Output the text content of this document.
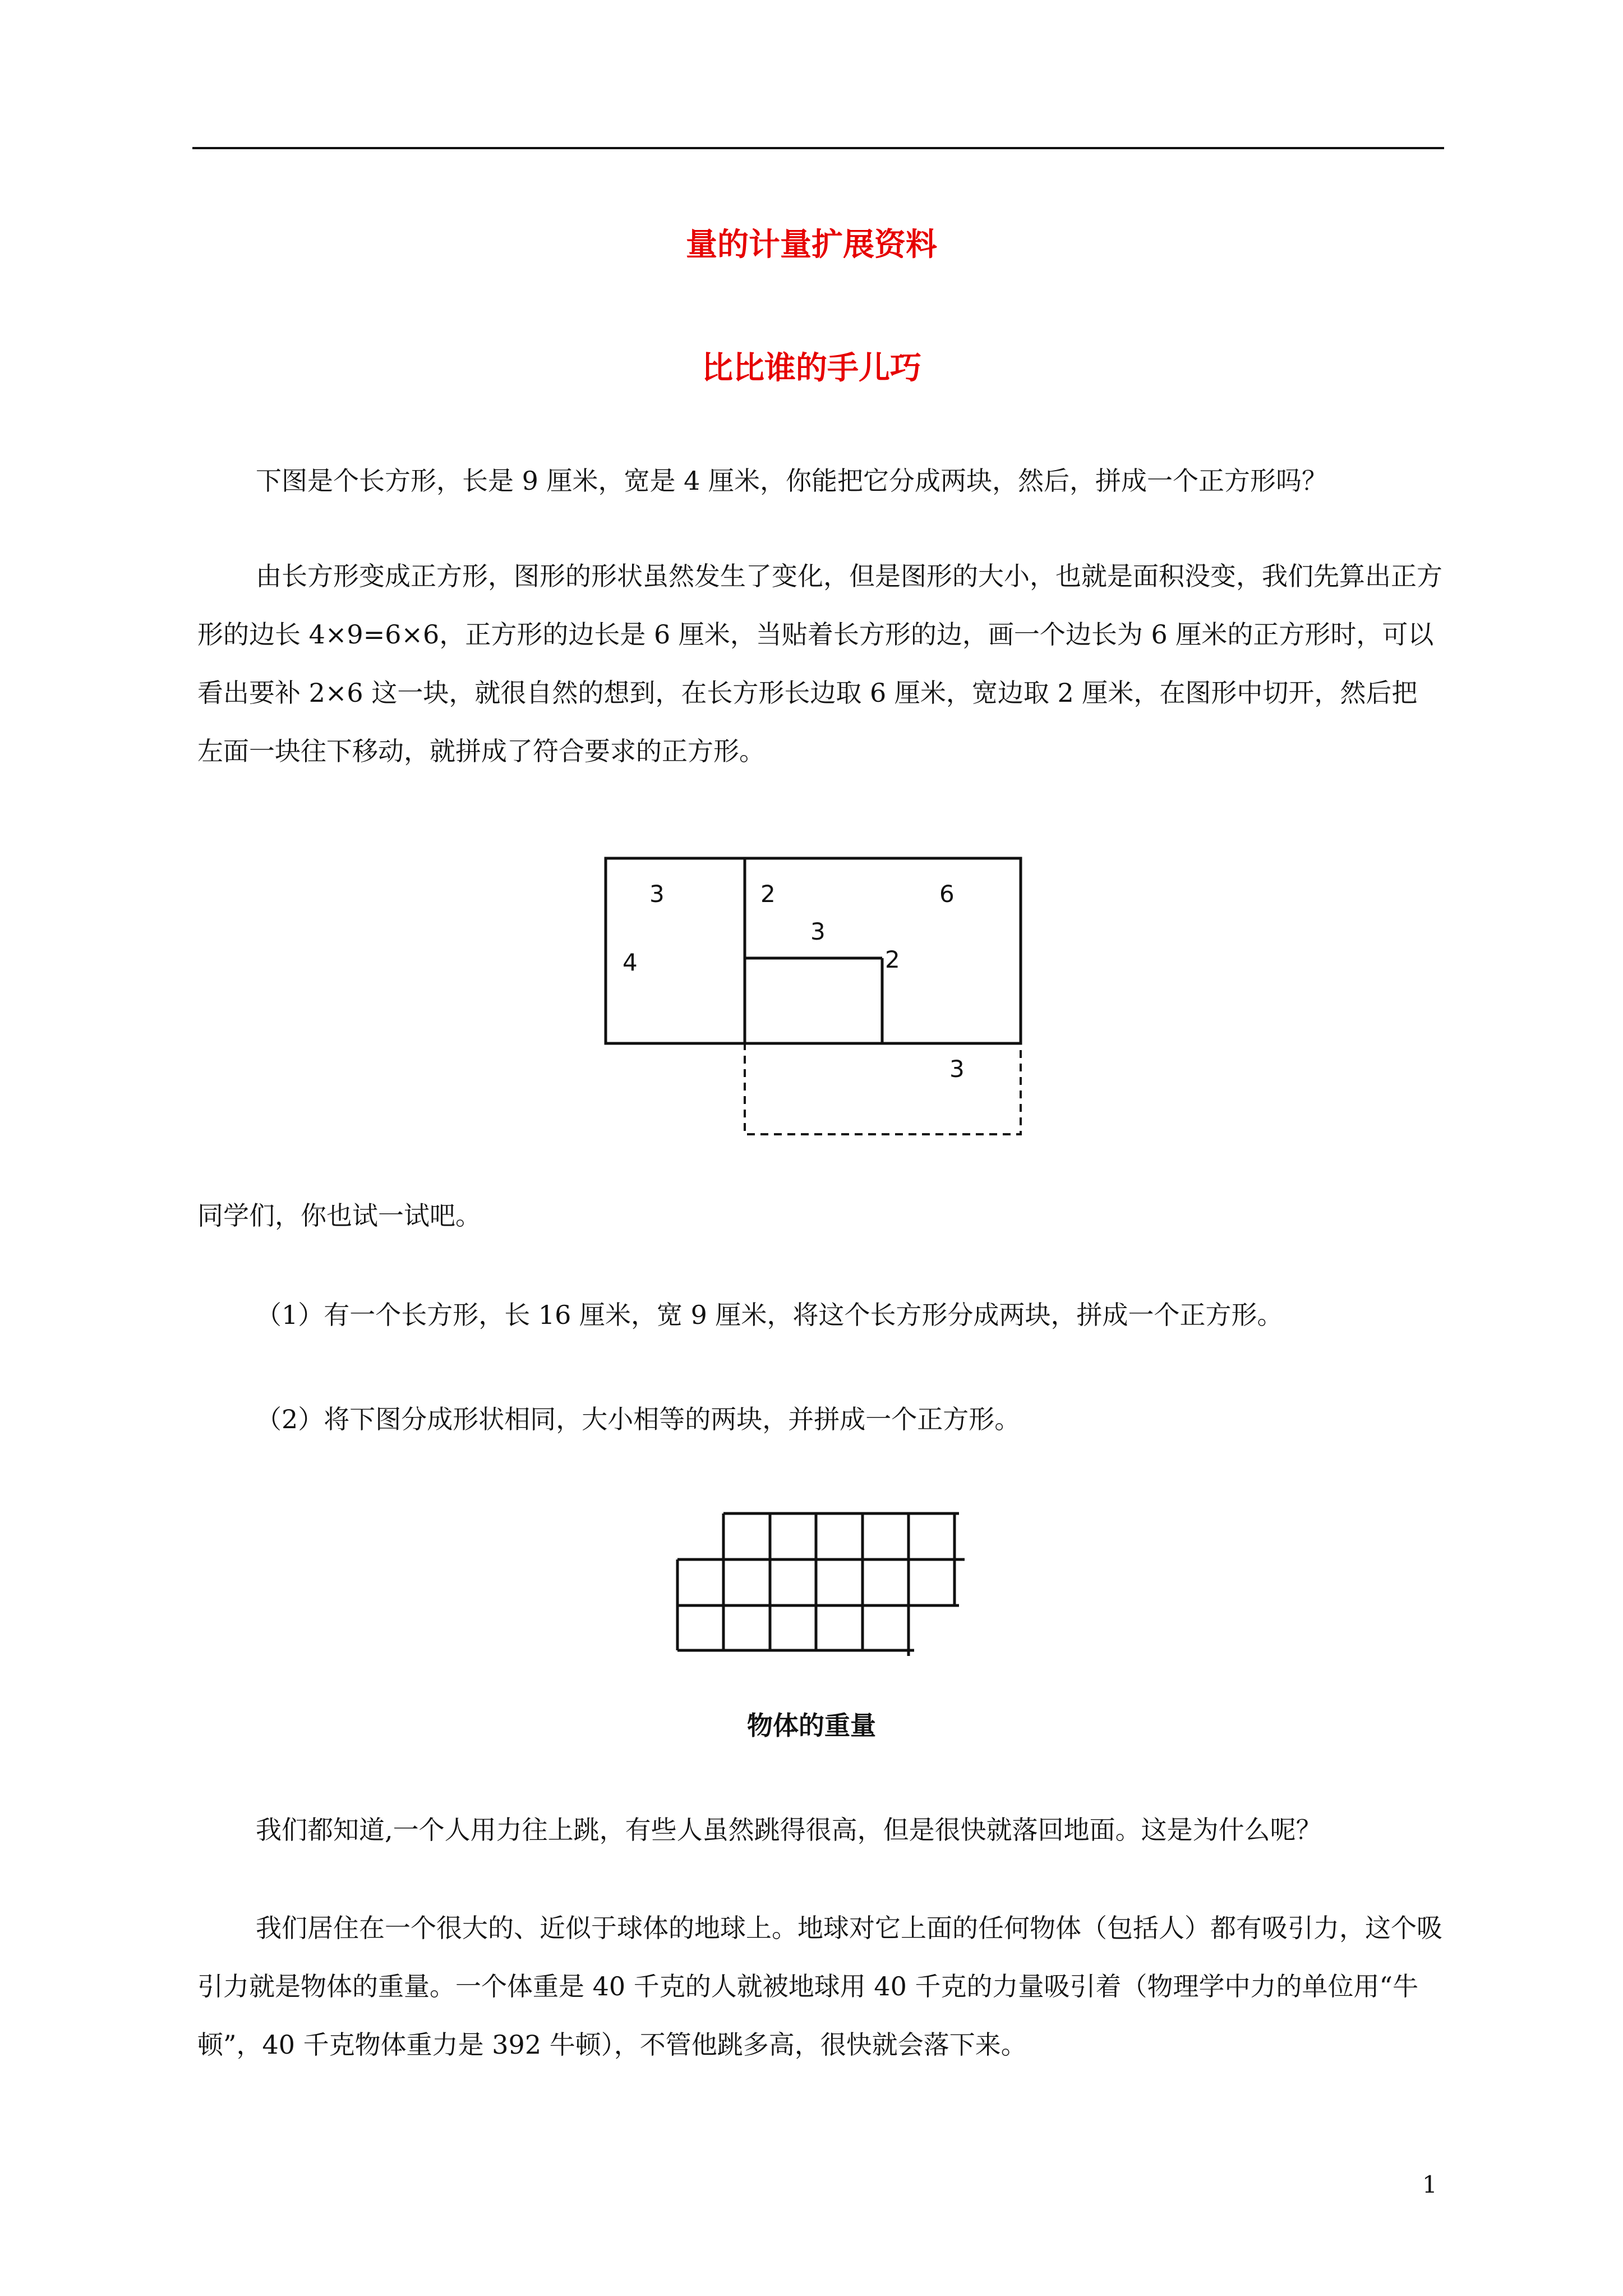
量的计量扩展资料
比比谁的手儿巧

下图是个长方形，长是 9 厘米，宽是 4 厘米，你能把它分成两块，然后，拼成一个正方形吗？

由长方形变成正方形，图形的形状虽然发生了变化，但是图形的大小，也就是面积没变，我们先算出正方形的边长 4×9=6×6，正方形的边长是 6 厘米，当贴着长方形的边，画一个边长为 6 厘米的正方形时，可以看出要补 2×6 这一块，就很自然的想到，在长方形长边取 6 厘米，宽边取 2 厘米，在图形中切开，然后把左面一块往下移动，就拼成了符合要求的正方形。

3
4
2	6
3
2
3

同学们，你也试一试吧。

（1）有一个长方形，长 16 厘米，宽 9 厘米，将这个长方形分成两块，拼成一个正方形。

（2）将下图分成形状相同，大小相等的两块，并拼成一个正方形。

物体的重量

我们都知道,一个人用力往上跳，有些人虽然跳得很高，但是很快就落回地面。这是为什么呢？

我们居住在一个很大的、近似于球体的地球上。地球对它上面的任何物体（包括人）都有吸引力，这个吸引力就是物体的重量。一个体重是 40 千克的人就被地球用 40 千克的力量吸引着（物理学中力的单位用“牛顿”，40 千克物体重力是 392 牛顿），不管他跳多高，很快就会落下来。

1
